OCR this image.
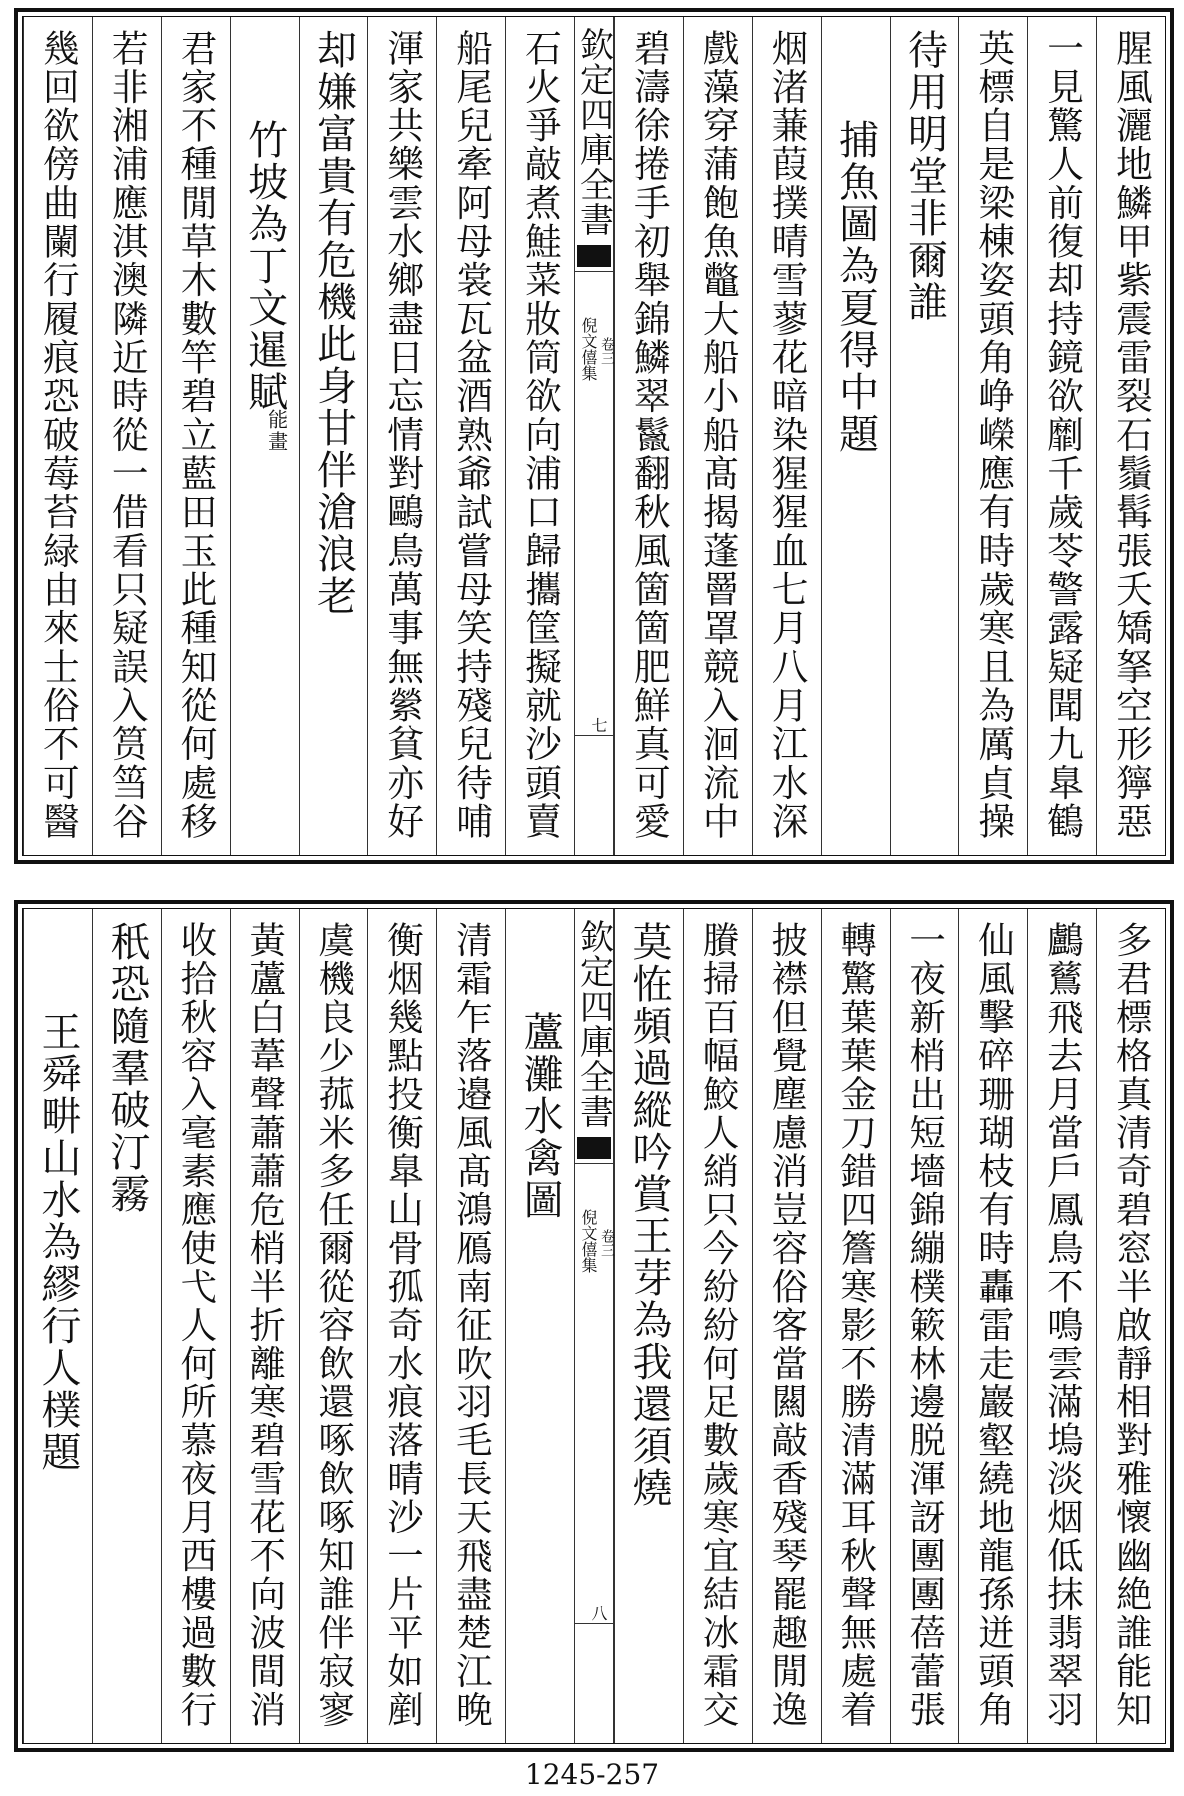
腥風灑地鱗甲紫震雷裂石鬚髯張夭矯拏空形獰惡
一見驚人前復却持鏡欲劘千歲苓警露疑聞九臯鶴
英標自是梁棟姿頭角峥嶸應有時歲寒且為厲貞操
待用明堂非爾誰
捕魚圖為夏得中題
烟渚蒹葭撲晴雪蓼花暗染猩猩血七月八月江水深
戲藻穿蒲飽魚鼈大船小船髙揭蓬罾罩競入洄流中
碧濤徐捲手初舉錦鱗翠鬣翻秋風箇箇肥鮮真可愛
欽定四庫全書
倪文僖集 卷三
七
石火爭敲煮鮭菜妝筒欲向浦口歸攜筐擬就沙頭賣
船尾兒牽阿母裳瓦盆酒熟爺試嘗母笑持殘兒待哺
渾家共樂雲水鄉盡日忘情對鷗鳥萬事無縈貧亦好
却嫌富貴有危機此身甘伴滄浪老
竹坡為丁文暹賦
能畫
君家不種閒草木數竿碧立藍田玉此種知從何處移
若非湘浦應淇澳隣近時從一借看只疑誤入筼筜谷
幾回欲傍曲闌行履痕恐破莓苔緑由來士俗不可醫
多君標格真清奇碧窓半啟靜相對雅懷幽絶誰能知
鸕鶿飛去月當戶鳳鳥不鳴雲滿塢淡烟低抹翡翠羽
仙風擊碎珊瑚枝有時轟雷走巖壑繞地龍孫迸頭角
一夜新梢出短墻錦繃樸簌林邊脱渾訝團團蓓蕾張
轉驚葉葉金刀錯四簷寒影不勝清滿耳秋聲無處着
披襟但覺塵慮消豈容俗客當闗敲香殘琴罷趣閒逸
賸掃百幅鮫人綃只今紛紛何足數歲寒宜結冰霜交
莫恠頻過縱吟賞王芽為我還須燒
欽定四庫全書
倪文僖集 卷三
八
蘆灘水禽圖
清霜乍落邉風髙鴻鴈南征吹羽毛長天飛盡楚江晚
衡烟幾點投衡臯山骨孤奇水痕落晴沙一片平如剷
虞機良少菰米多任爾從容飲還啄飲啄知誰伴寂寥
黃蘆白葦聲蕭蕭危梢半折離寒碧雪花不向波間消
收拾秋容入毫素應使弋人何所慕夜月西樓過數行
秖恐隨羣破汀霧
王舜畊山水為繆行人樸題
1245-257
